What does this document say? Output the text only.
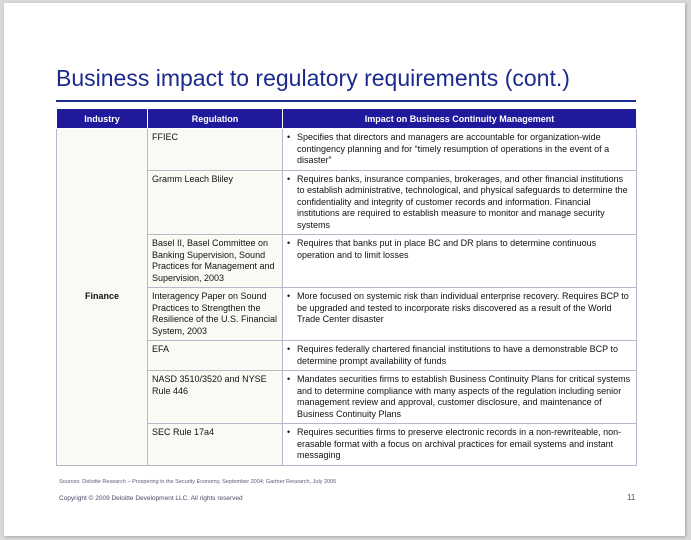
Business impact to regulatory requirements (cont.)
Industry	Regulation	Impact on Business Continuity Management
Finance	FFIEC	• Specifies that directors and managers are accountable for organization-wide contingency planning and for “timely resumption of operations in the event of a disaster”

	Gramm Leach Bliley	• Requires banks, insurance companies, brokerages, and other financial institutions to establish administrative, technological, and physical safeguards to determine the confidentiality and integrity of customer records and information. Financial institutions are required to establish measure to monitor and manage security systems

	Basel II, Basel Committee on Banking Supervision, Sound Practices for Management and Supervision, 2003	• Requires that banks put in place BC and DR plans to determine continuous operation and to limit losses

	Interagency Paper on Sound Practices to Strengthen the Resilience of the U.S. Financial System, 2003	• More focused on systemic risk than individual enterprise recovery. Requires BCP to be upgraded and tested to incorporate risks discovered as a result of the World Trade Center disaster

	EFA	• Requires federally chartered financial institutions to have a demonstrable BCP to determine prompt availability of funds

	NASD 3510/3520 and NYSE Rule 446	• Mandates securities firms to establish Business Continuity Plans for critical systems and to determine compliance with many aspects of the regulation including senior management review and approval, customer disclosure, and maintenance of Business Continuity Plans

	SEC Rule 17a4	• Requires securities firms to preserve electronic records in a non-rewriteable, non-erasable format with a focus on archival practices for email systems and instant messaging
Sources: Deloitte Research – Prospering in the Security Economy, September 2004; Gartner Research, July 2005
Copyright © 2009 Deloitte Development LLC. All rights reserved	11
